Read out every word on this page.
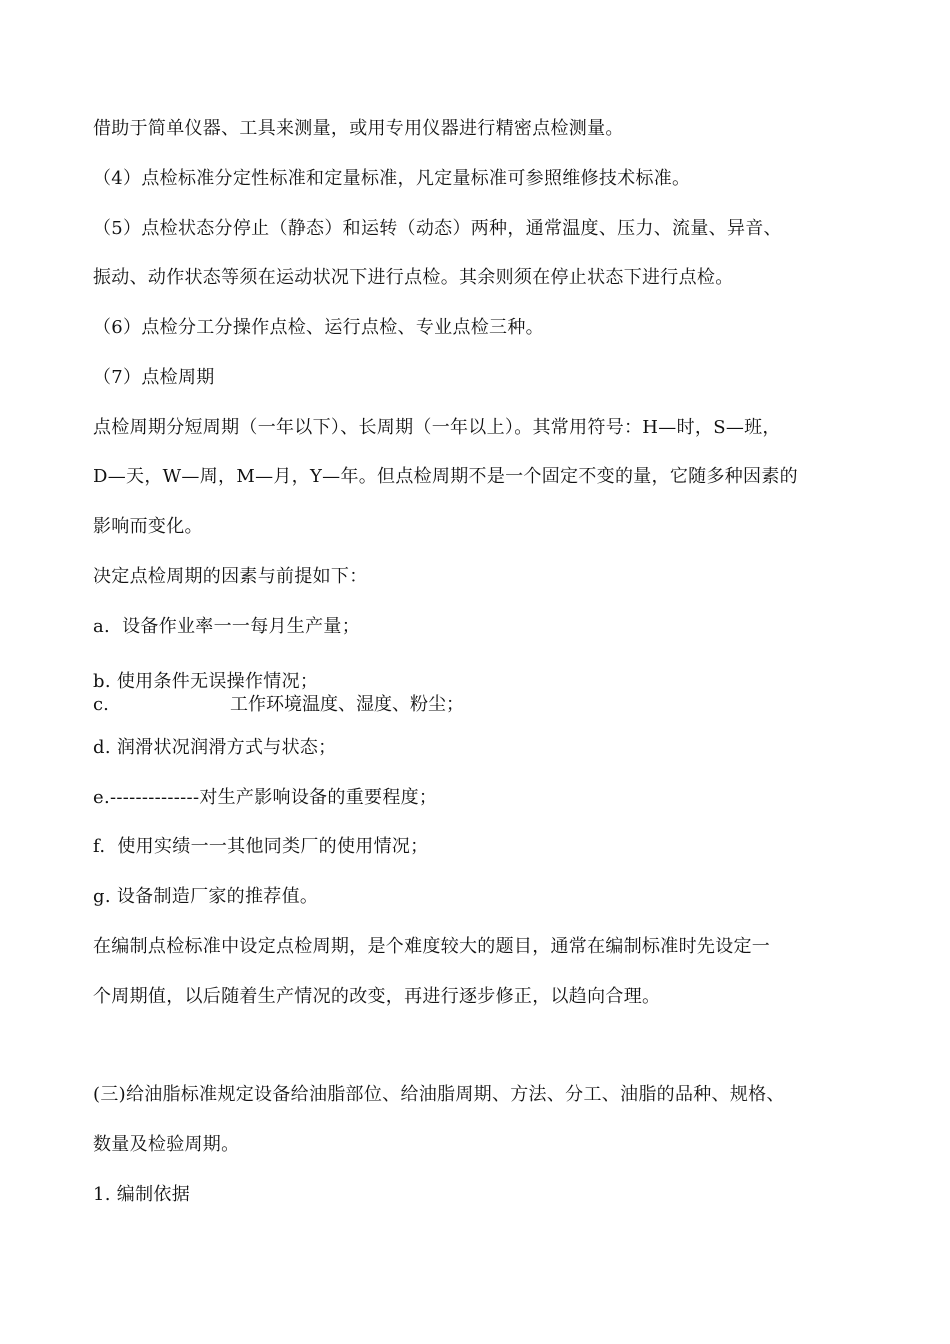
借助于简单仪器、工具来测量，或用专用仪器进行精密点检测量。
（4）点检标准分定性标准和定量标准，凡定量标准可参照维修技术标准。
（5）点检状态分停止（静态）和运转（动态）两种，通常温度、压力、流量、异音、
振动、动作状态等须在运动状况下进行点检。其余则须在停止状态下进行点检。
（6）点检分工分操作点检、运行点检、专业点检三种。
（7）点检周期
点检周期分短周期（一年以下）、长周期（一年以上）。其常用符号：H—时，S—班，
D—天，W—周，M—月，Y—年。但点检周期不是一个固定不变的量，它随多种因素的
影响而变化。
决定点检周期的因素与前提如下：
a.  设备作业率一一每月生产量；
b. 使用条件无误操作情况；
c.	工作环境温度、湿度、粉尘；
d. 润滑状况润滑方式与状态；
e.--------------对生产影响设备的重要程度；
f.  使用实绩一一其他同类厂的使用情况；
g. 设备制造厂家的推荐值。
在编制点检标准中设定点检周期，是个难度较大的题目，通常在编制标准时先设定一
个周期值，以后随着生产情况的改变，再进行逐步修正，以趋向合理。
(三)给油脂标准规定设备给油脂部位、给油脂周期、方法、分工、油脂的品种、规格、
数量及检验周期。
1. 编制依据
